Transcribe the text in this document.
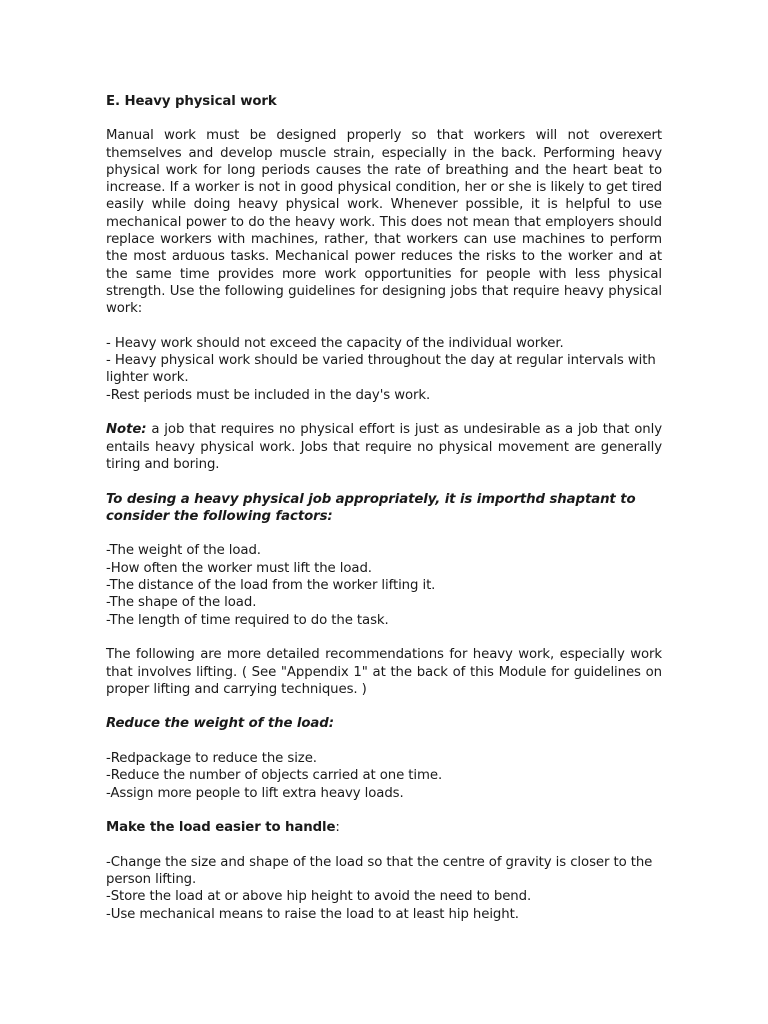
E. Heavy physical work

Manual work must be designed properly so that workers will not overexert themselves and develop muscle strain, especially in the back. Performing heavy physical work for long periods causes the rate of breathing and the heart beat to increase. If a worker is not in good physical condition, her or she is likely to get tired easily while doing heavy physical work. Whenever possible, it is helpful to use mechanical power to do the heavy work. This does not mean that employers should replace workers with machines, rather, that workers can use machines to perform the most arduous tasks. Mechanical power reduces the risks to the worker and at the same time provides more work opportunities for people with less physical strength. Use the following guidelines for designing jobs that require heavy physical work:

- Heavy work should not exceed the capacity of the individual worker.
- Heavy physical work should be varied throughout the day at regular intervals with lighter work.
-Rest periods must be included in the day's work.

Note: a job that requires no physical effort is just as undesirable as a job that only entails heavy physical work. Jobs that require no physical movement are generally tiring and boring.

To desing a heavy physical job appropriately, it is importhd shaptant to consider the following factors:
-The weight of the load.
-How often the worker must lift the load.
-The distance of the load from the worker lifting it.
-The shape of the load.
-The length of time required to do the task.

The following are more detailed recommendations for heavy work, especially work that involves lifting. ( See "Appendix 1" at the back of this Module for guidelines on proper lifting and carrying techniques. )

Reduce the weight of the load:
-Redpackage to reduce the size.
-Reduce the number of objects carried at one time.
-Assign more people to lift extra heavy loads.
Make the load easier to handle:
-Change the size and shape of the load so that the centre of gravity is closer to the person lifting.
-Store the load at or above hip height to avoid the need to bend.
-Use mechanical means to raise the load to at least hip height.
